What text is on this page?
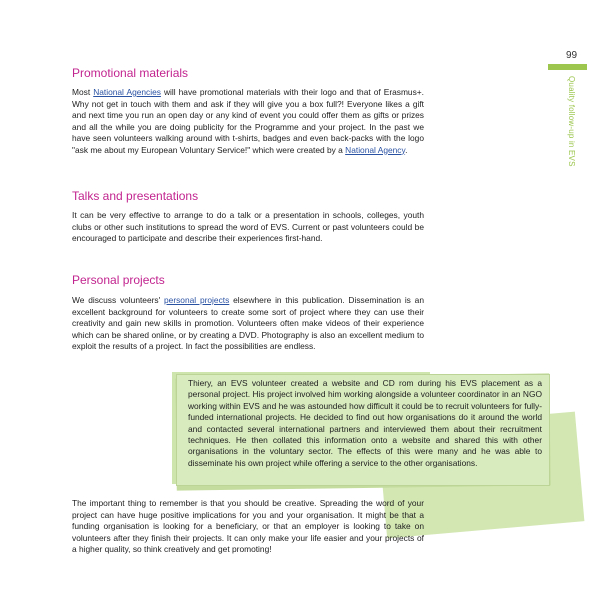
99
Quality follow-up in EVS
Promotional materials

Most National Agencies will have promotional materials with their logo and that of Erasmus+. Why not get in touch with them and ask if they will give you a box full?! Everyone likes a gift and next time you run an open day or any kind of event you could offer them as gifts or prizes and all the while you are doing publicity for the Programme and your project. In the past we have seen volunteers walking around with t-shirts, badges and even back-packs with the logo "ask me about my European Voluntary Service!" which were created by a National Agency.

Talks and presentations

It can be very effective to arrange to do a talk or a presentation in schools, colleges, youth clubs or other such institutions to spread the word of EVS. Current or past volunteers could be encouraged to participate and describe their experiences first-hand.

Personal projects

We discuss volunteers' personal projects elsewhere in this publication. Dissemination is an excellent background for volunteers to create some sort of project where they can use their creativity and gain new skills in promotion. Volunteers often make videos of their experience which can be shared online, or by creating a DVD. Photography is also an excellent medium to exploit the results of a project. In fact the possibilities are endless.

Thiery, an EVS volunteer created a website and CD rom during his EVS placement as a personal project. His project involved him working alongside a volunteer coordinator in an NGO working within EVS and he was astounded how difficult it could be to recruit volunteers for fully-funded international projects. He decided to find out how organisations do it around the world and contacted several international partners and interviewed them about their recruitment techniques. He then collated this information onto a website and shared this with other organisations in the voluntary sector. The effects of this were many and he was able to disseminate his own project while offering a service to the other organisations.

The important thing to remember is that you should be creative. Spreading the word of your project can have huge positive implications for you and your organisation. It might be that a funding organisation is looking for a beneficiary, or that an employer is looking to take on volunteers after they finish their projects. It can only make your life easier and your projects of a higher quality, so think creatively and get promoting!
